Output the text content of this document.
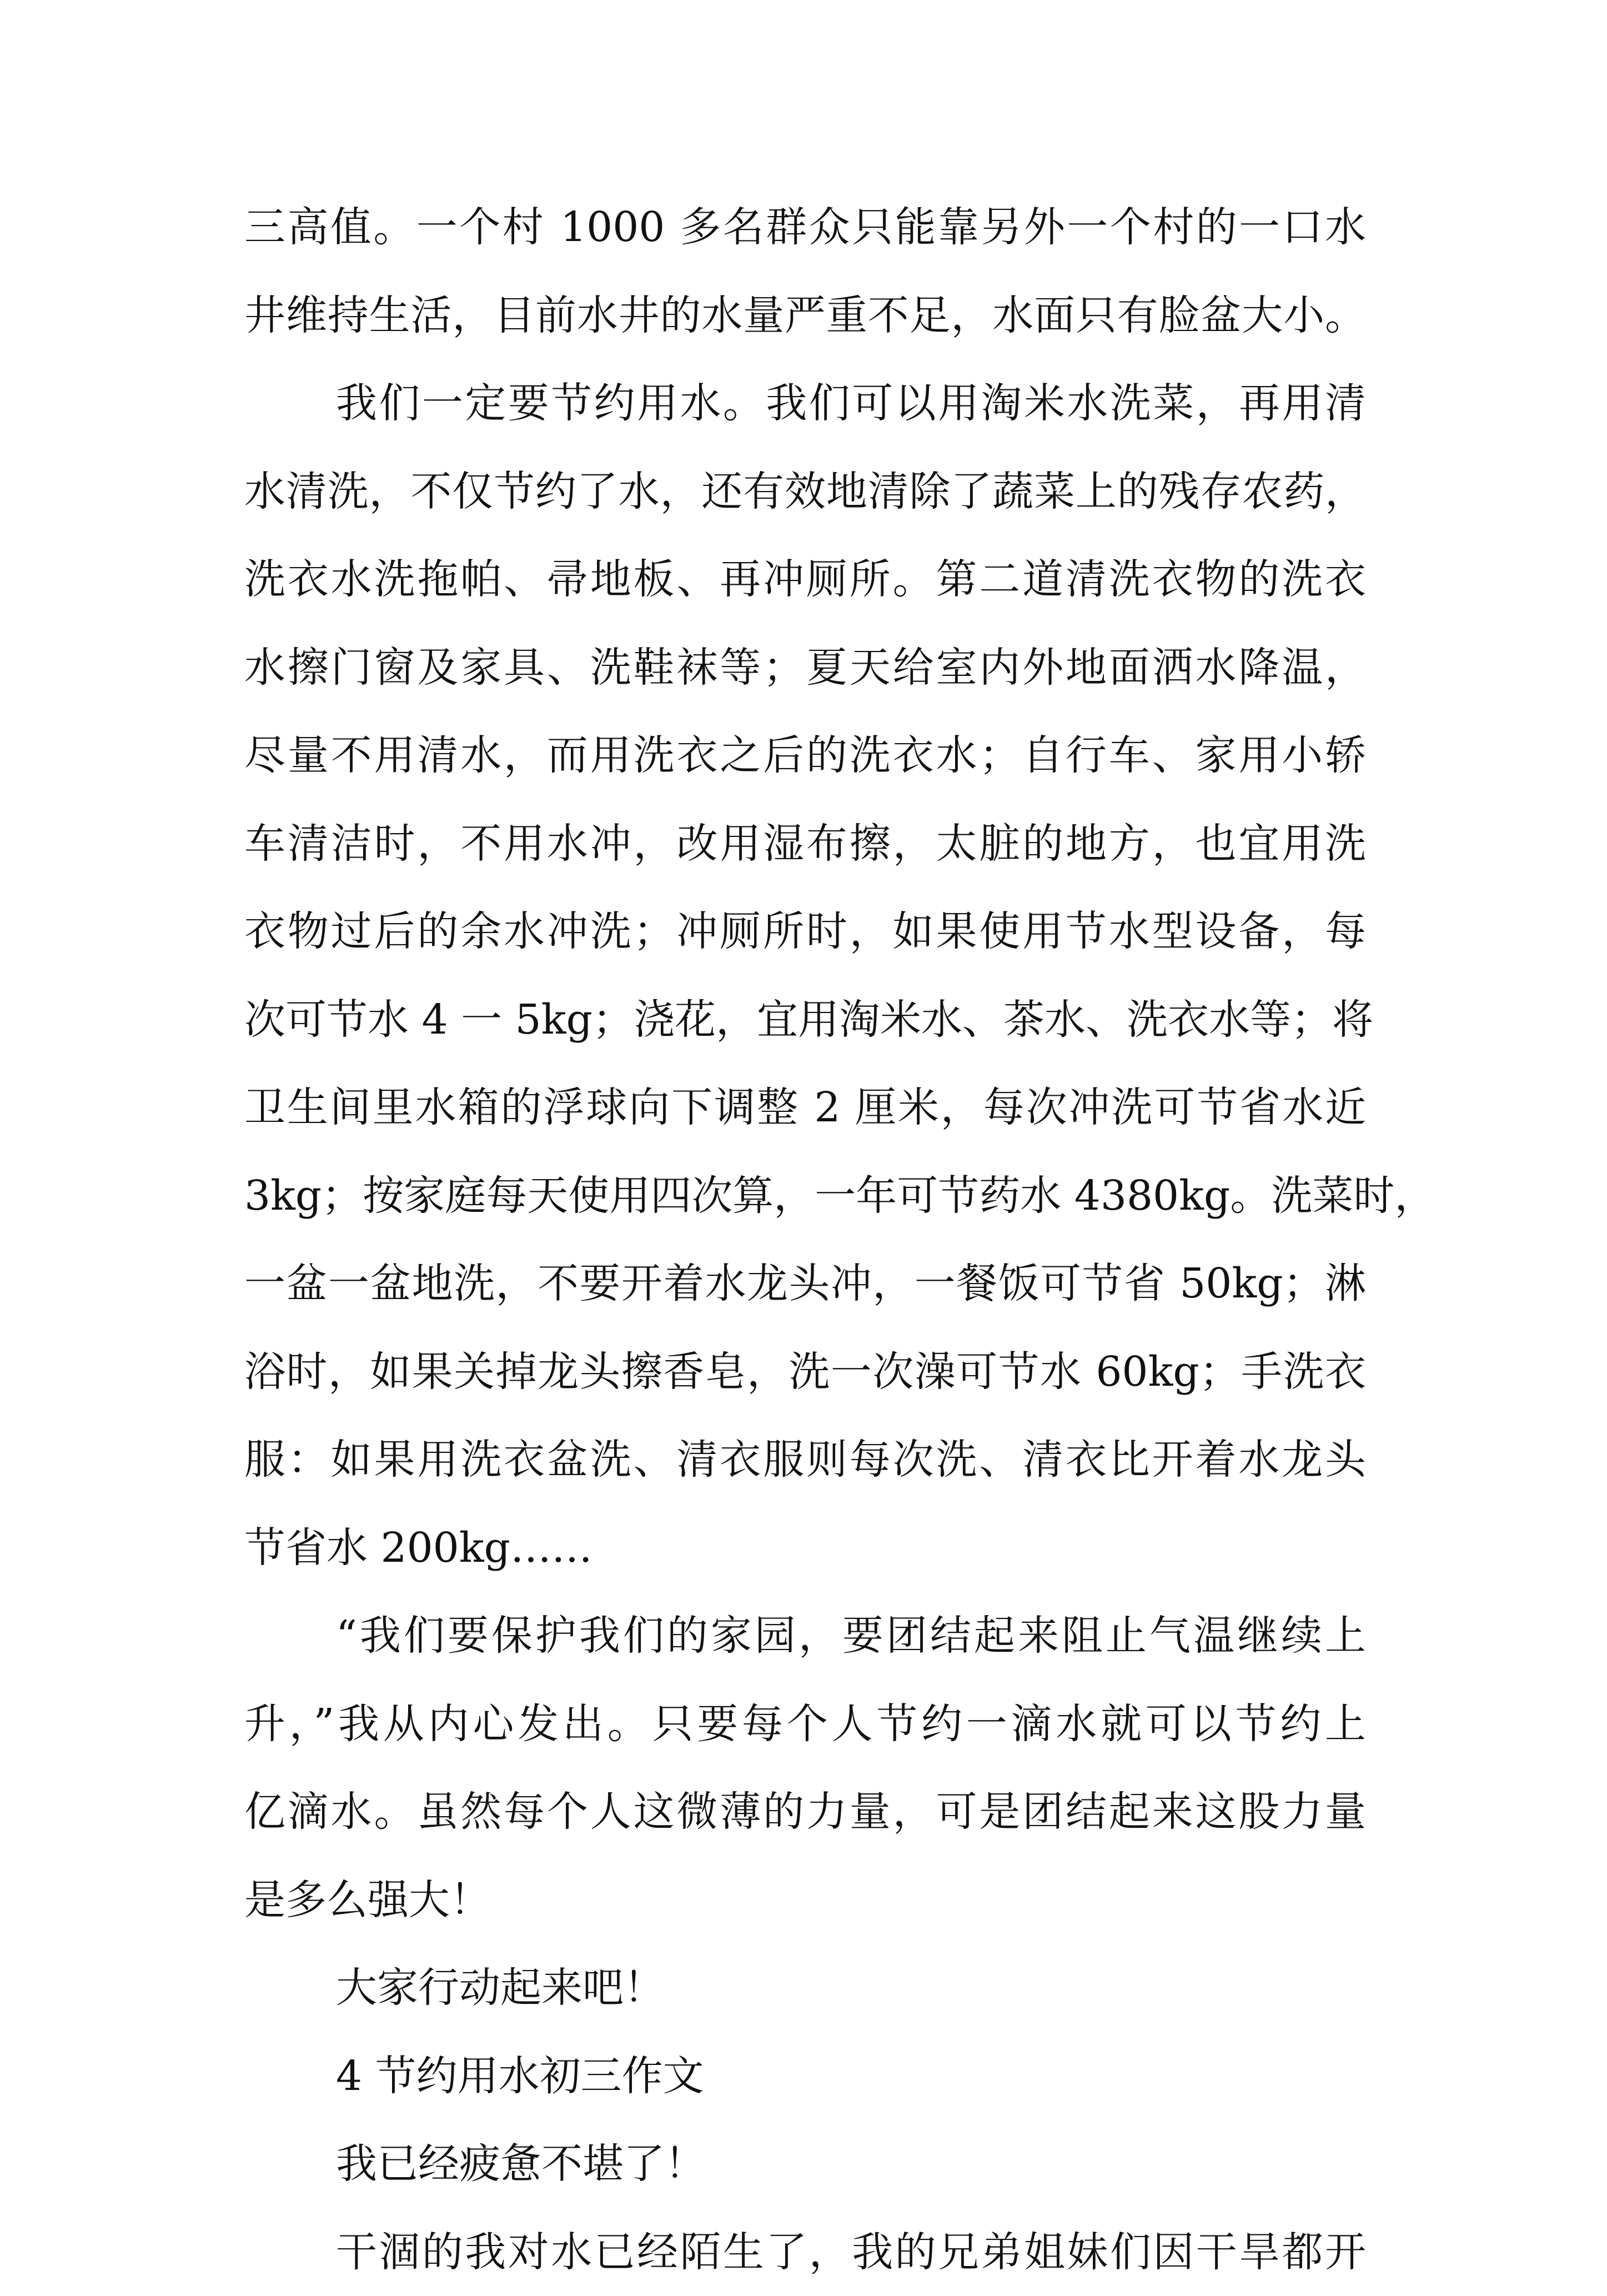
三高值。一个村 1000 多名群众只能靠另外一个村的一口水
井维持生活，目前水井的水量严重不足，水面只有脸盆大小。
我们一定要节约用水。我们可以用淘米水洗菜，再用清
水清洗，不仅节约了水，还有效地清除了蔬菜上的残存农药，
洗衣水洗拖帕、帚地板、再冲厕所。第二道清洗衣物的洗衣
水擦门窗及家具、洗鞋袜等；夏天给室内外地面洒水降温，
尽量不用清水，而用洗衣之后的洗衣水；自行车、家用小轿
车清洁时，不用水冲，改用湿布擦，太脏的地方，也宜用洗
衣物过后的余水冲洗；冲厕所时，如果使用节水型设备，每
次可节水 4 一 5kg；浇花，宜用淘米水、茶水、洗衣水等；将
卫生间里水箱的浮球向下调整 2 厘米，每次冲洗可节省水近
3kg；按家庭每天使用四次算，一年可节药水 4380kg。洗菜时，
一盆一盆地洗，不要开着水龙头冲，一餐饭可节省 50kg；淋
浴时，如果关掉龙头擦香皂，洗一次澡可节水 60kg；手洗衣
服：如果用洗衣盆洗、清衣服则每次洗、清衣比开着水龙头
节省水 200kg……
“我们要保护我们的家园，要团结起来阻止气温继续上
升，”我从内心发出。只要每个人节约一滴水就可以节约上
亿滴水。虽然每个人这微薄的力量，可是团结起来这股力量
是多么强大！
大家行动起来吧！
4 节约用水初三作文
我已经疲惫不堪了！
干涸的我对水已经陌生了，我的兄弟姐妹们因干旱都开
